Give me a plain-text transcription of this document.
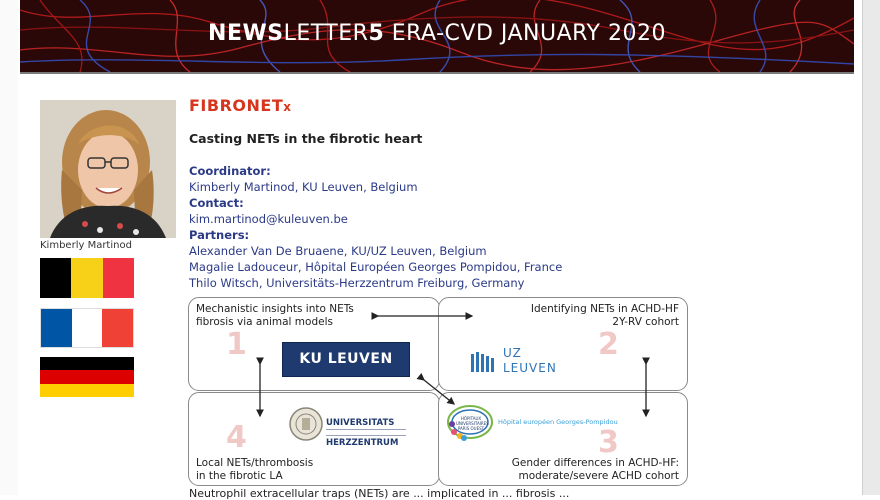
NEWSLETTER5 ERA-CVD JANUARY 2020
Kimberly Martinod
FIBRONETx
Casting NETs in the fibrotic heart
Coordinator:
Kimberly Martinod, KU Leuven, Belgium
Contact:
kim.martinod@kuleuven.be
Partners:
Alexander Van De Bruaene, KU/UZ Leuven, Belgium
Magalie Ladouceur, Hôpital Européen Georges Pompidou, France
Thilo Witsch, Universitäts-Herzzentrum Freiburg, Germany
Mechanistic insights into NETs
fibrosis via animal models
Identifying NETs in ACHD-HF
2Y-RV cohort
Local NETs/thrombosis
in the fibrotic LA
Gender differences in ACHD-HF:
moderate/severe ACHD cohort
1	2
4	3
KU LEUVEN	UZ
LEUVEN
UNIVERSITATS
HERZZENTRUM
HÔPITAUX UNIVERSITAIRES PARIS OUEST
Hôpital européen Georges-Pompidou
Neutrophil extracellular traps (NETs) are ... implicated in ... fibrosis ...
